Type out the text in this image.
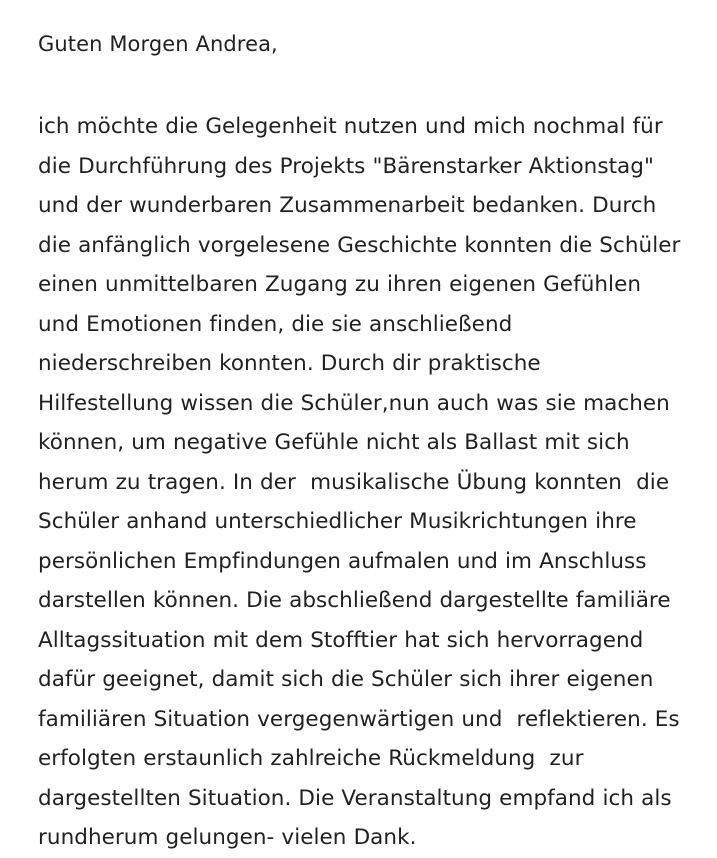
Guten Morgen Andrea,

ich möchte die Gelegenheit nutzen und mich nochmal für die Durchführung des Projekts "Bärenstarker Aktionstag" und der wunderbaren Zusammenarbeit bedanken. Durch die anfänglich vorgelesene Geschichte konnten die Schüler einen unmittelbaren Zugang zu ihren eigenen Gefühlen und Emotionen finden, die sie anschließend niederschreiben konnten. Durch dir praktische Hilfestellung wissen die Schüler,nun auch was sie machen können, um negative Gefühle nicht als Ballast mit sich herum zu tragen. In der  musikalische Übung konnten  die Schüler anhand unterschiedlicher Musikrichtungen ihre persönlichen Empfindungen aufmalen und im Anschluss darstellen können. Die abschließend dargestellte familiäre Alltagssituation mit dem Stofftier hat sich hervorragend dafür geeignet, damit sich die Schüler sich ihrer eigenen familiären Situation vergegenwärtigen und  reflektieren. Es erfolgten erstaunlich zahlreiche Rückmeldung  zur dargestellten Situation. Die Veranstaltung empfand ich als rundherum gelungen- vielen Dank.
